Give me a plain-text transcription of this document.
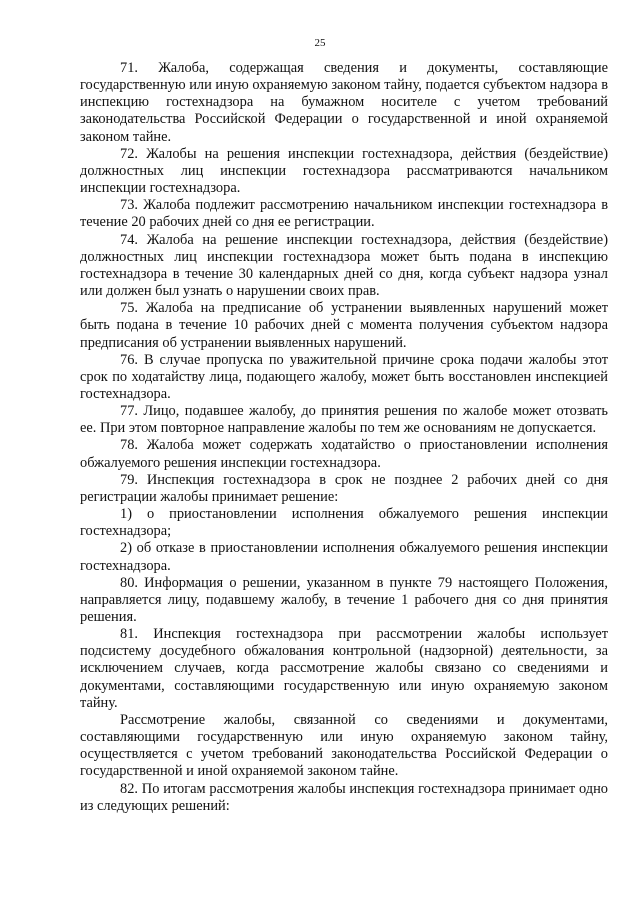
25

71. Жалоба, содержащая сведения и документы, составляющие государственную или иную охраняемую законом тайну, подается субъектом надзора в инспекцию гостехнадзора на бумажном носителе с учетом требований законодательства Российской Федерации о государственной и иной охраняемой законом тайне.

72. Жалобы на решения инспекции гостехнадзора, действия (бездействие) должностных лиц инспекции гостехнадзора рассматриваются начальником инспекции гостехнадзора.

73. Жалоба подлежит рассмотрению начальником инспекции гостехнадзора в течение 20 рабочих дней со дня ее регистрации.

74. Жалоба на решение инспекции гостехнадзора, действия (бездействие) должностных лиц инспекции гостехнадзора может быть подана в инспекцию гостехнадзора в течение 30 календарных дней со дня, когда субъект надзора узнал или должен был узнать о нарушении своих прав.

75. Жалоба на предписание об устранении выявленных нарушений может быть подана в течение 10 рабочих дней с момента получения субъектом надзора предписания об устранении выявленных нарушений.

76. В случае пропуска по уважительной причине срока подачи жалобы этот срок по ходатайству лица, подающего жалобу, может быть восстановлен инспекцией гостехнадзора.

77. Лицо, подавшее жалобу, до принятия решения по жалобе может отозвать ее. При этом повторное направление жалобы по тем же основаниям не допускается.

78. Жалоба может содержать ходатайство о приостановлении исполнения обжалуемого решения инспекции гостехнадзора.

79. Инспекция гостехнадзора в срок не позднее 2 рабочих дней со дня регистрации жалобы принимает решение:

1) о приостановлении исполнения обжалуемого решения инспекции гостехнадзора;

2) об отказе в приостановлении исполнения обжалуемого решения инспекции гостехнадзора.

80. Информация о решении, указанном в пункте 79 настоящего Положения, направляется лицу, подавшему жалобу, в течение 1 рабочего дня со дня принятия решения.

81. Инспекция гостехнадзора при рассмотрении жалобы использует подсистему досудебного обжалования контрольной (надзорной) деятельности, за исключением случаев, когда рассмотрение жалобы связано со сведениями и документами, составляющими государственную или иную охраняемую законом тайну.

Рассмотрение жалобы, связанной со сведениями и документами, составляющими государственную или иную охраняемую законом тайну, осуществляется с учетом требований законодательства Российской Федерации о государственной и иной охраняемой законом тайне.

82. По итогам рассмотрения жалобы инспекция гостехнадзора принимает одно из следующих решений:
